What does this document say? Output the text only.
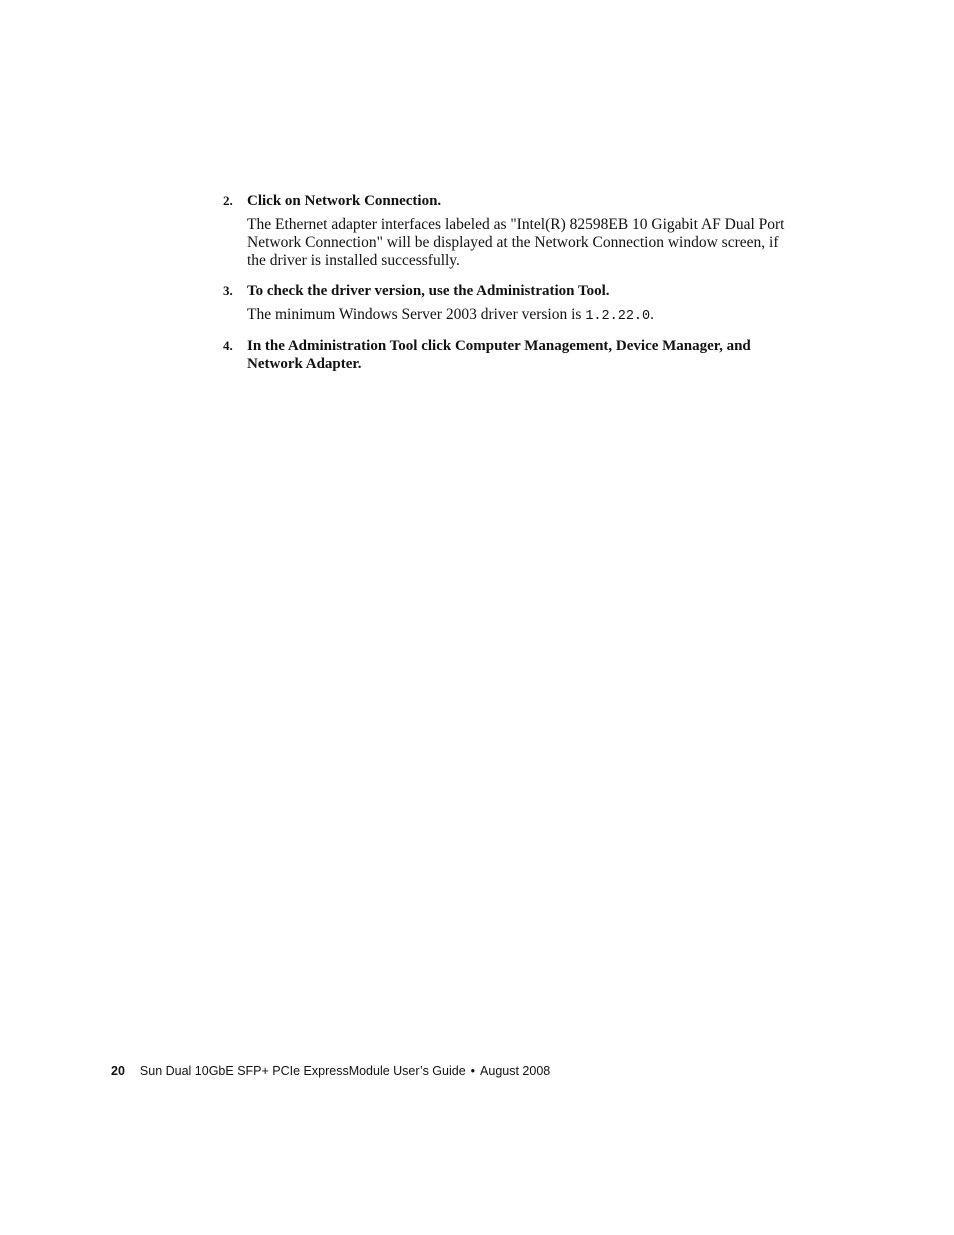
2. Click on Network Connection.
The Ethernet adapter interfaces labeled as "Intel(R) 82598EB 10 Gigabit AF Dual Port Network Connection" will be displayed at the Network Connection window screen, if the driver is installed successfully.
3. To check the driver version, use the Administration Tool.
The minimum Windows Server 2003 driver version is 1.2.22.0.
4. In the Administration Tool click Computer Management, Device Manager, and Network Adapter.
20 Sun Dual 10GbE SFP+ PCIe ExpressModule User’s Guide • August 2008
